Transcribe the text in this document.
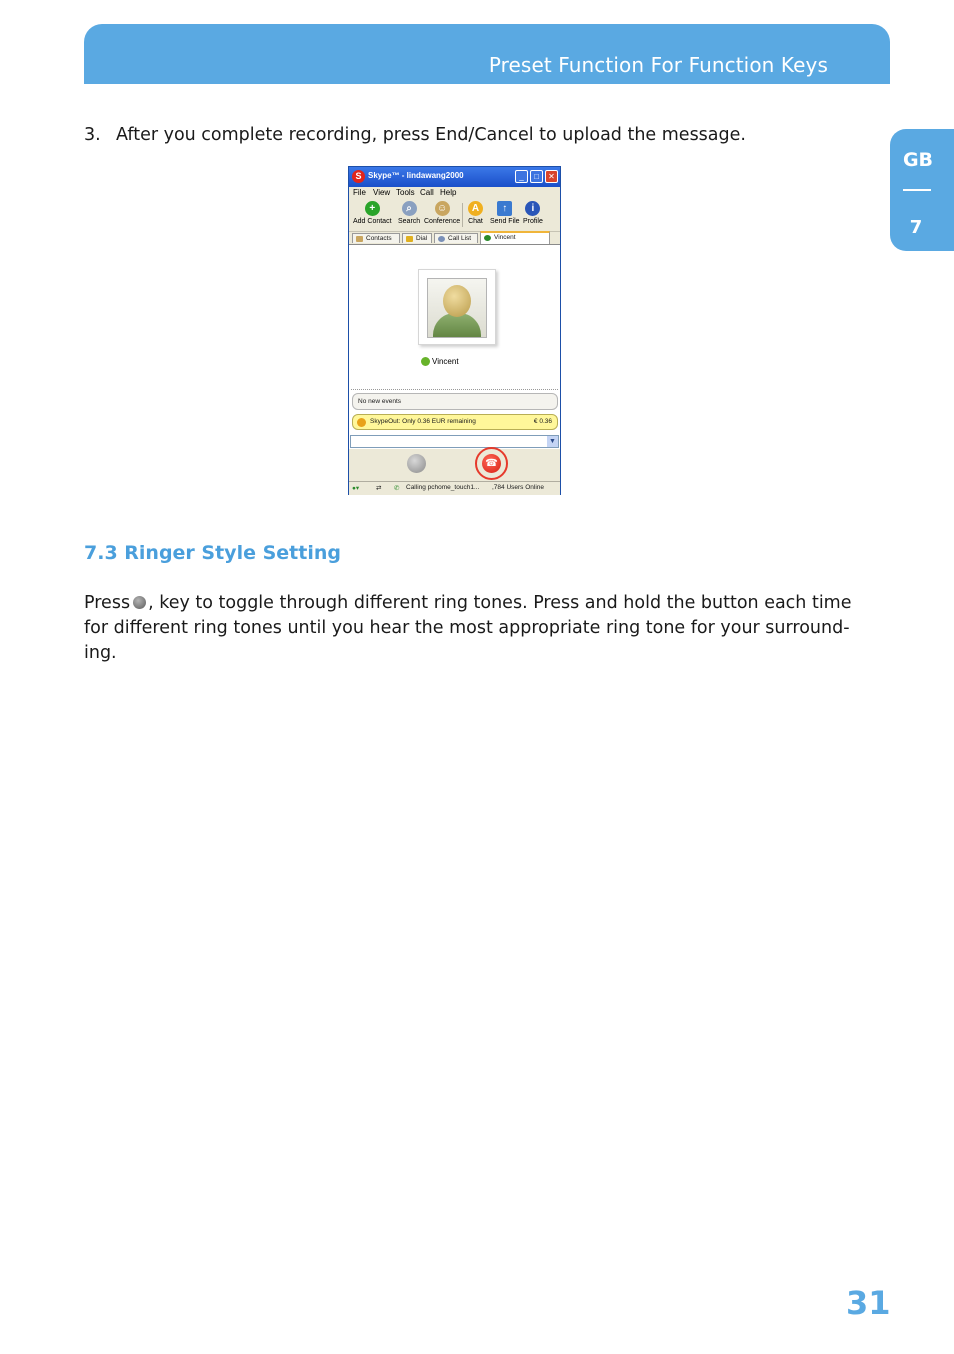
Preset Function For Function Keys
GB
7
3. After you complete recording, press End/Cancel to upload the message.
S Skype™ - lindawang2000	_	□	✕
File View Tools Call Help
+
Add Contact
⌕
Search
☺
Conference
A
Chat
↑
Send File
i
Profile
Contacts	Dial	Call List	Vincent
Vincent
No new events
SkypeOut: Only 0.36 EUR remaining	€ 0.36
▼
☎
●▾	⇄ ✆ Calling pchome_touch1... ,784 Users Online
7.3 Ringer Style Setting
Press , key to toggle through different ring tones. Press and hold the button each time
for different ring tones until you hear the most appropriate ring tone for your surround-
ing.
31
